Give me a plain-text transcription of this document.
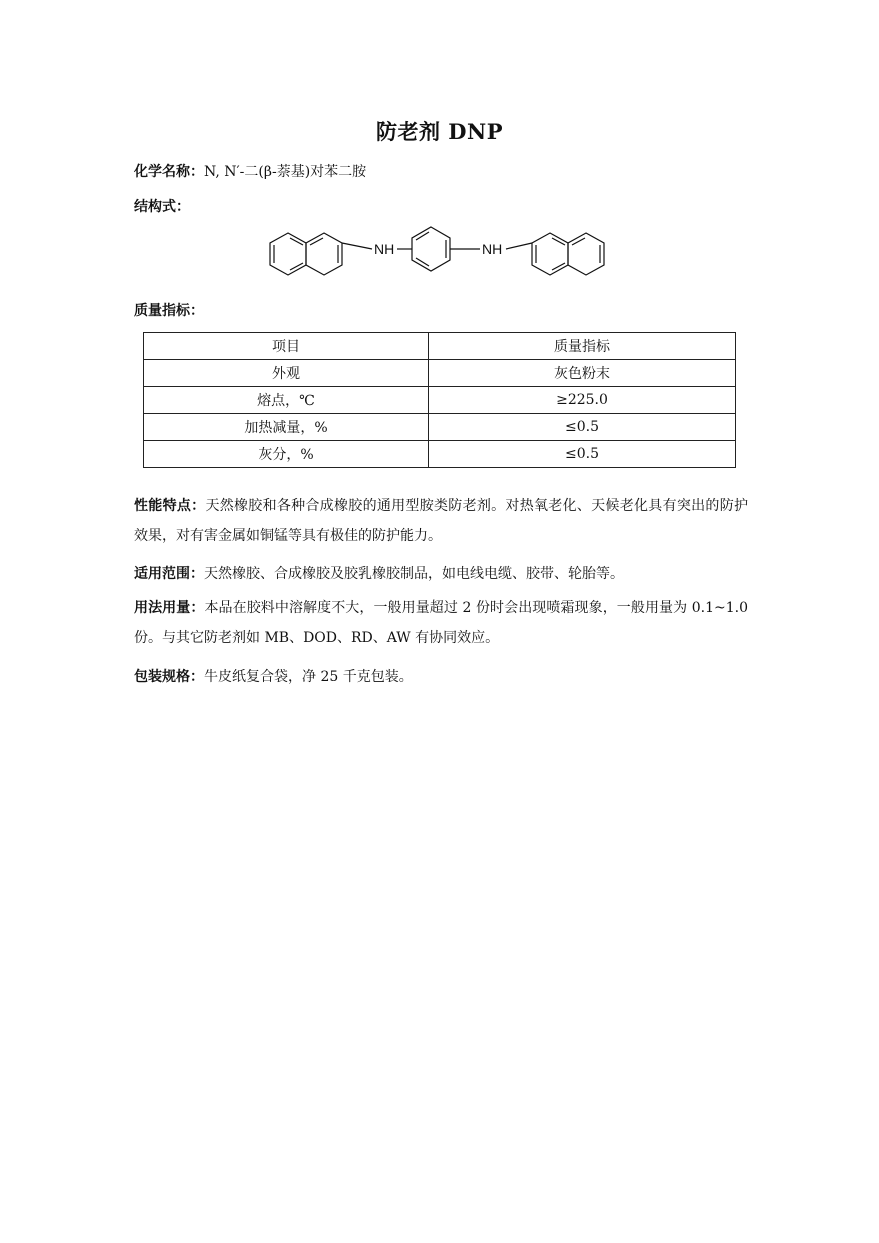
防老剂 DNP
化学名称：N, N′-二(β-萘基)对苯二胺
结构式：
NH	NH
质量指标：
项目	质量指标
外观	灰色粉末
熔点，℃	≥225.0
加热减量，%	≤0.5
灰分，%	≤0.5
性能特点：天然橡胶和各种合成橡胶的通用型胺类防老剂。对热氧老化、天候老化具有突出的防护效果，对有害金属如铜锰等具有极佳的防护能力。
适用范围：天然橡胶、合成橡胶及胶乳橡胶制品，如电线电缆、胶带、轮胎等。
用法用量：本品在胶料中溶解度不大，一般用量超过 2 份时会出现喷霜现象，一般用量为 0.1~1.0 份。与其它防老剂如 MB、DOD、RD、AW 有协同效应。
包装规格：牛皮纸复合袋，净 25 千克包装。
